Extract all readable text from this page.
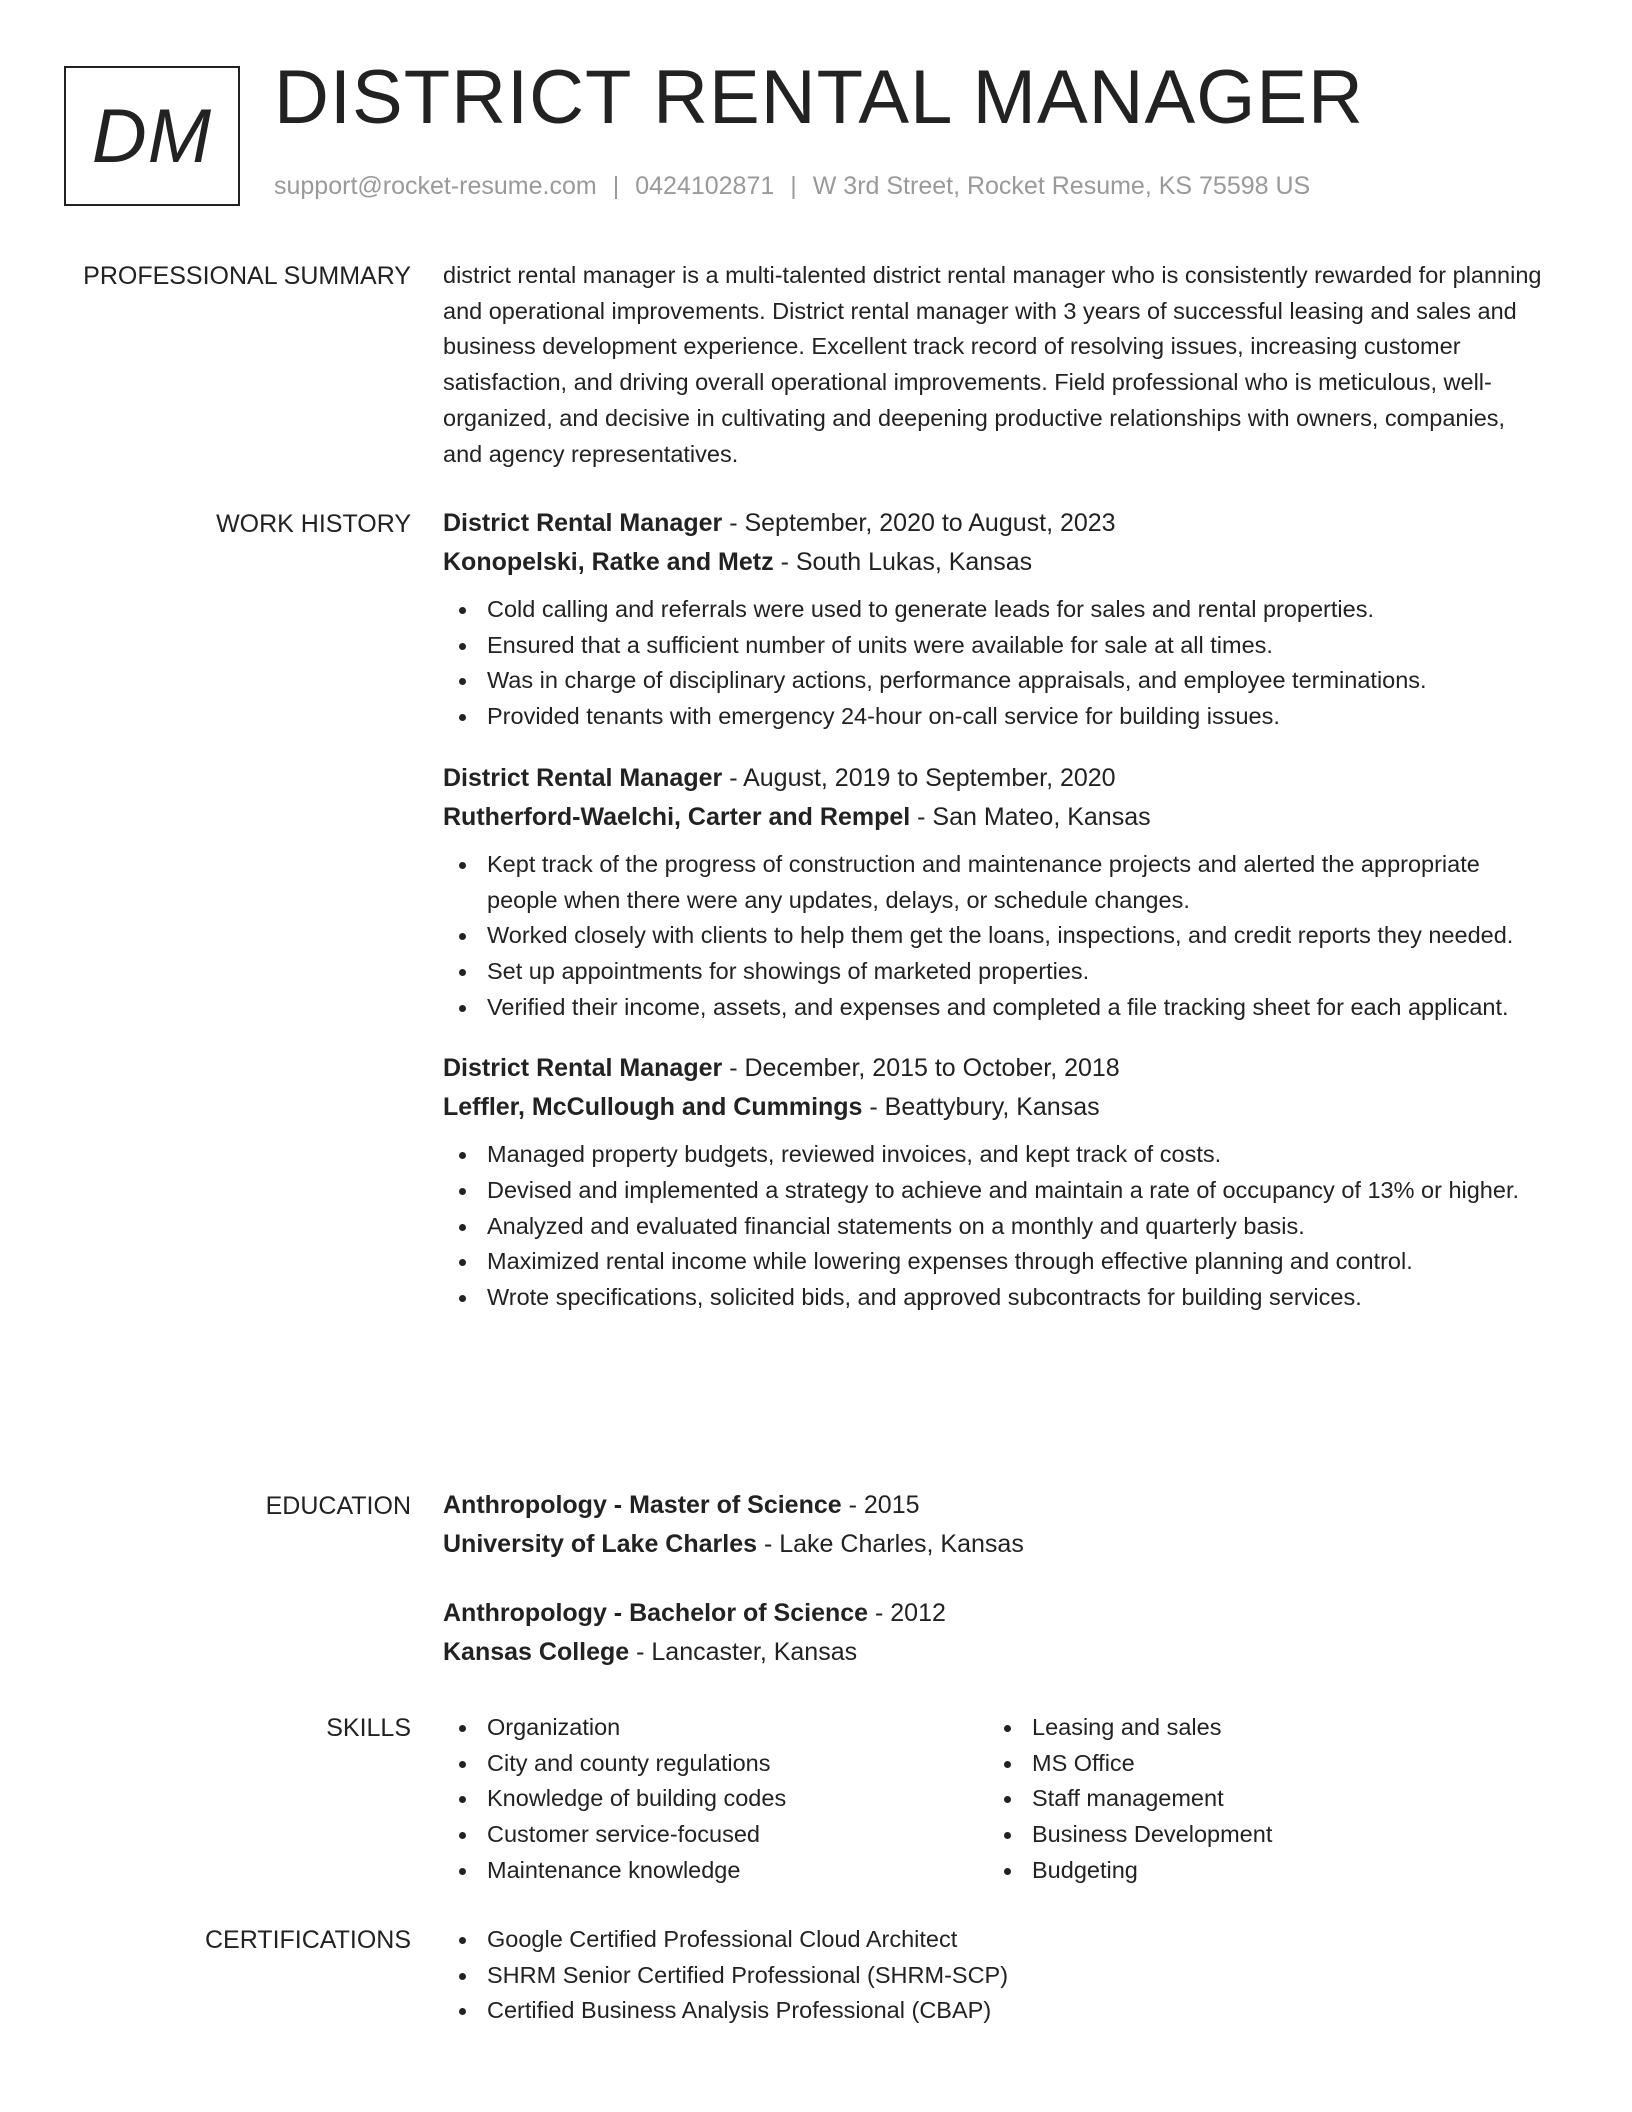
DM DISTRICT RENTAL MANAGER
support@rocket-resume.com | 0424102871 | W 3rd Street, Rocket Resume, KS 75598 US
PROFESSIONAL SUMMARY district rental manager is a multi-talented district rental manager who is consistently rewarded for planning and operational improvements. District rental manager with 3 years of successful leasing and sales and business development experience. Excellent track record of resolving issues, increasing customer satisfaction, and driving overall operational improvements. Field professional who is meticulous, well-organized, and decisive in cultivating and deepening productive relationships with owners, companies, and agency representatives.

WORK HISTORY District Rental Manager - September, 2020 to August, 2023
Konopelski, Ratke and Metz - South Lukas, Kansas
Cold calling and referrals were used to generate leads for sales and rental properties.
Ensured that a sufficient number of units were available for sale at all times.
Was in charge of disciplinary actions, performance appraisals, and employee terminations.
Provided tenants with emergency 24-hour on-call service for building issues.
District Rental Manager - August, 2019 to September, 2020
Rutherford-Waelchi, Carter and Rempel - San Mateo, Kansas
Kept track of the progress of construction and maintenance projects and alerted the appropriate people when there were any updates, delays, or schedule changes.
Worked closely with clients to help them get the loans, inspections, and credit reports they needed.
Set up appointments for showings of marketed properties.
Verified their income, assets, and expenses and completed a file tracking sheet for each applicant.
District Rental Manager - December, 2015 to October, 2018
Leffler, McCullough and Cummings - Beattybury, Kansas
Managed property budgets, reviewed invoices, and kept track of costs.
Devised and implemented a strategy to achieve and maintain a rate of occupancy of 13% or higher.
Analyzed and evaluated financial statements on a monthly and quarterly basis.
Maximized rental income while lowering expenses through effective planning and control.
Wrote specifications, solicited bids, and approved subcontracts for building services.
EDUCATION Anthropology - Master of Science - 2015
University of Lake Charles - Lake Charles, Kansas
Anthropology - Bachelor of Science - 2012
Kansas College - Lancaster, Kansas
SKILLS	Organization
City and county regulations
Knowledge of building codes
Customer service-focused
Maintenance knowledge
Leasing and sales
MS Office
Staff management
Business Development
Budgeting
CERTIFICATIONS	Google Certified Professional Cloud Architect
SHRM Senior Certified Professional (SHRM-SCP)
Certified Business Analysis Professional (CBAP)
